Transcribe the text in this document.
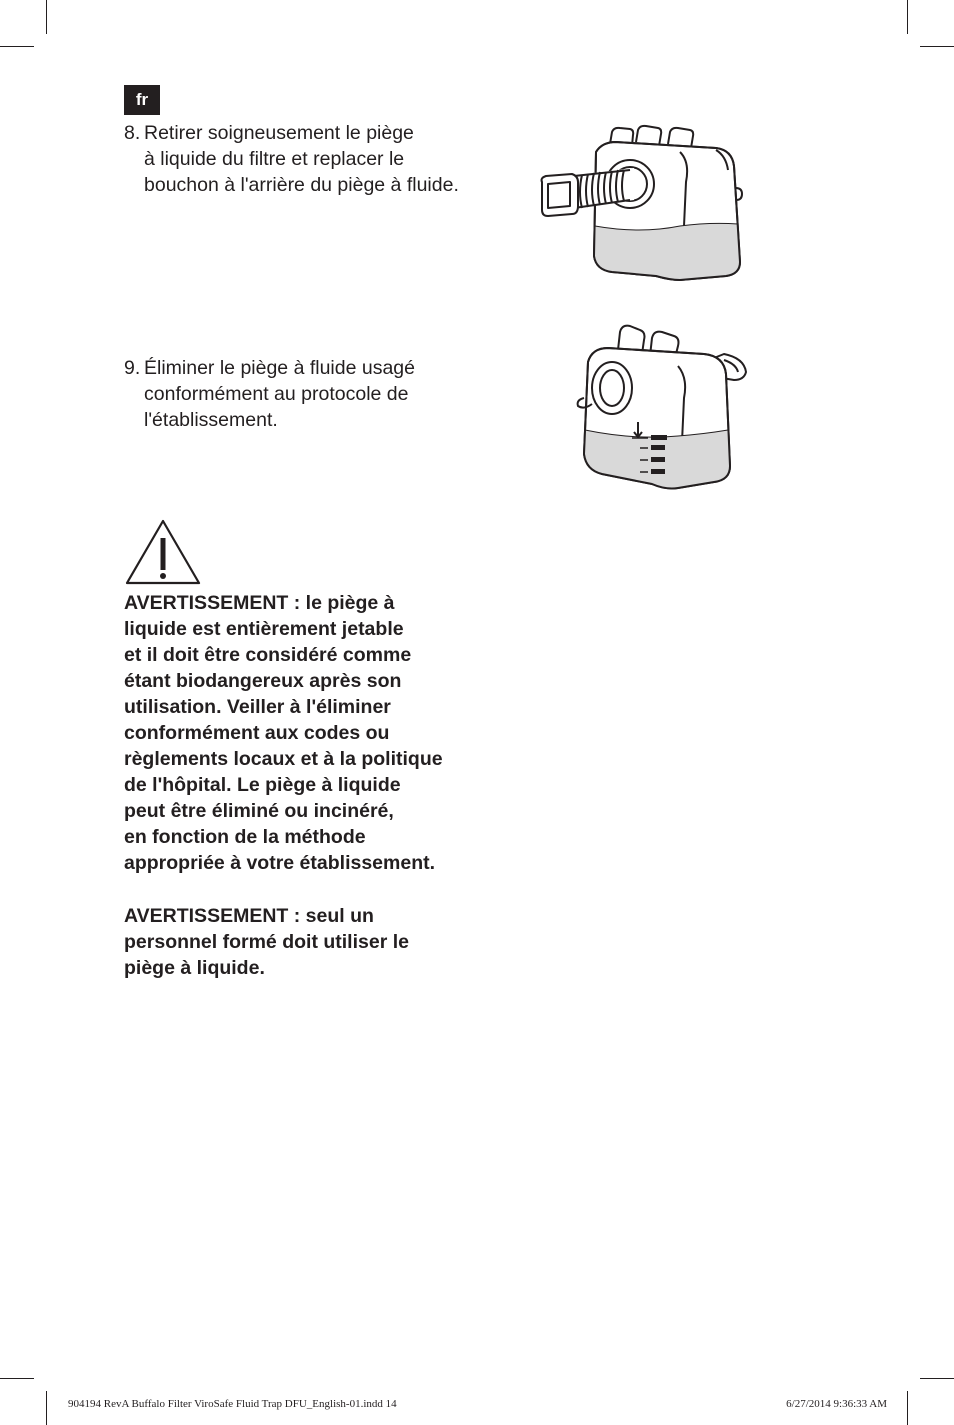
fr
8. Retirer soigneusement le piège
à liquide du filtre et replacer le
bouchon à l'arrière du piège à fluide.
9. Éliminer le piège à fluide usagé
conformément au protocole de
l'établissement.
AVERTISSEMENT : le piège à
liquide est entièrement jetable
et il doit être considéré comme
étant biodangereux après son
utilisation. Veiller à l'éliminer
conformément aux codes ou
règlements locaux et à la politique
de l'hôpital. Le piège à liquide
peut être éliminé ou incinéré,
en fonction de la méthode
appropriée à votre établissement.
AVERTISSEMENT : seul un
personnel formé doit utiliser le
piège à liquide.
904194 RevA Buffalo Filter ViroSafe Fluid Trap DFU_English-01.indd 14	6/27/2014 9:36:33 AM
